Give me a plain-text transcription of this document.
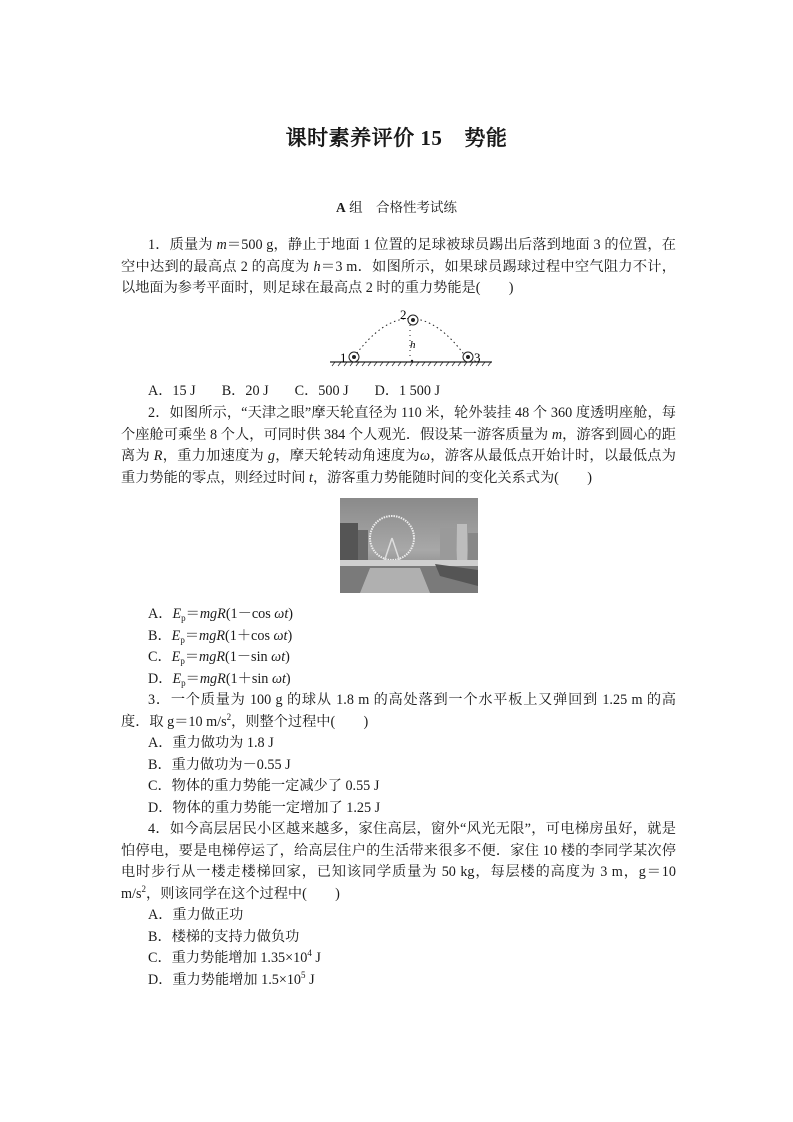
课时素养评价 15 势能
A 组　合格性考试练

1．质量为 m＝500 g，静止于地面 1 位置的足球被球员踢出后落到地面 3 的位置，在空中达到的最高点 2 的高度为 h＝3 m．如图所示，如果球员踢球过程中空气阻力不计，以地面为参考平面时，则足球在最高点 2 时的重力势能是(　　)

1
2
3
h
A．15 J B．20 J C．500 J D．1 500 J

2．如图所示，“天津之眼”摩天轮直径为 110 米，轮外装挂 48 个 360 度透明座舱，每个座舱可乘坐 8 个人，可同时供 384 个人观光．假设某一游客质量为 m，游客到圆心的距离为 R，重力加速度为 g，摩天轮转动角速度为ω，游客从最低点开始计时，以最低点为重力势能的零点，则经过时间 t，游客重力势能随时间的变化关系式为(　　)

A．$E_p=mgR(1-\cos$ ωt)
B．$E_p=mgR(1+\cos$ ωt)
C．$E_p=mgR(1-\sin$ ωt)
D．$E_p=mgR(1+\sin$ ωt)

3．一个质量为 100 g 的球从 1.8 m 的高处落到一个水平板上又弹回到 1.25 m 的高度．取 g＝10 $m/s^2$，则整个过程中(　　)

A．重力做功为 1.8 J
B．重力做功为－0.55 J
C．物体的重力势能一定减少了 0.55 J
D．物体的重力势能一定增加了 1.25 J

4．如今高层居民小区越来越多，家住高层，窗外“风光无限”，可电梯房虽好，就是怕停电，要是电梯停运了，给高层住户的生活带来很多不便．家住 10 楼的李同学某次停电时步行从一楼走楼梯回家，已知该同学质量为 50 kg，每层楼的高度为 3 m，g＝10 $m/s^2$，则该同学在这个过程中(　　)

A．重力做正功
B．楼梯的支持力做负功
C．重力势能增加 $1.35\times 10^4$ J
D．重力势能增加 $1.5\times 10^5$ J
